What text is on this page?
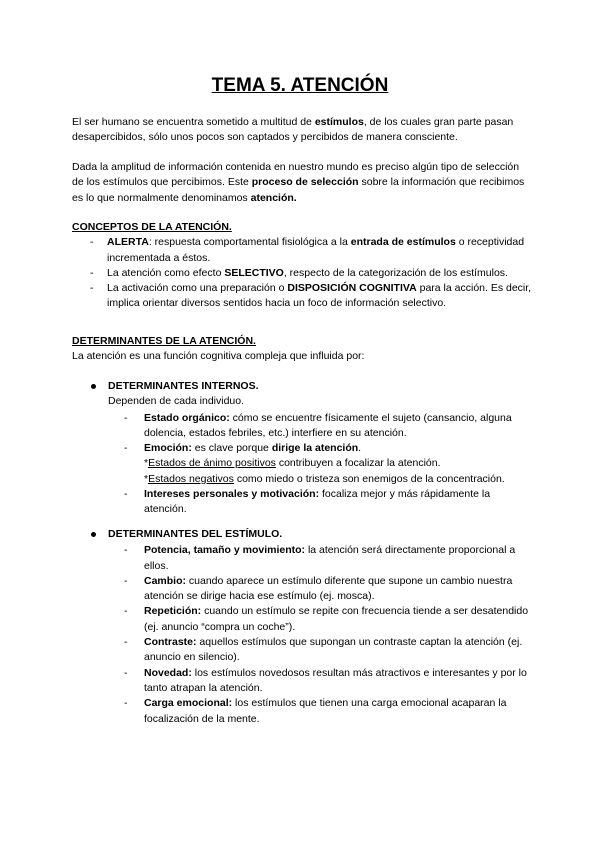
TEMA 5. ATENCIÓN

El ser humano se encuentra sometido a multitud de estímulos, de los cuales gran parte pasan desapercibidos, sólo unos pocos son captados y percibidos de manera consciente.

Dada la amplitud de información contenida en nuestro mundo es preciso algún tipo de selección de los estímulos que percibimos. Este proceso de selección sobre la información que recibimos es lo que normalmente denominamos atención.

CONCEPTOS DE LA ATENCIÓN.

- ALERTA: respuesta comportamental fisiológica a la entrada de estímulos o receptividad incrementada a éstos.
- La atención como efecto SELECTIVO, respecto de la categorización de los estímulos.
- La activación como una preparación o DISPOSICIÓN COGNITIVA para la acción. Es decir, implica orientar diversos sentidos hacia un foco de información selectivo.

DETERMINANTES DE LA ATENCIÓN.

La atención es una función cognitiva compleja que influida por:

DETERMINANTES INTERNOS.
Dependen de cada individuo.
- Estado orgánico: cómo se encuentre físicamente el sujeto (cansancio, alguna dolencia, estados febriles, etc.) interfiere en su atención.
- Emoción: es clave porque dirige la atención.
*Estados de ánimo positivos contribuyen a focalizar la atención.
*Estados negativos como miedo o tristeza son enemigos de la concentración.
- Intereses personales y motivación: focaliza mejor y más rápidamente la atención.
DETERMINANTES DEL ESTÍMULO.
- Potencia, tamaño y movimiento: la atención será directamente proporcional a ellos.
- Cambio: cuando aparece un estímulo diferente que supone un cambio nuestra atención se dirige hacia ese estímulo (ej. mosca).
- Repetición: cuando un estímulo se repite con frecuencia tiende a ser desatendido (ej. anuncio “compra un coche”).
- Contraste: aquellos estímulos que supongan un contraste captan la atención (ej. anuncio en silencio).
- Novedad: los estímulos novedosos resultan más atractivos e interesantes y por lo tanto atrapan la atención.
- Carga emocional: los estímulos que tienen una carga emocional acaparan la focalización de la mente.
